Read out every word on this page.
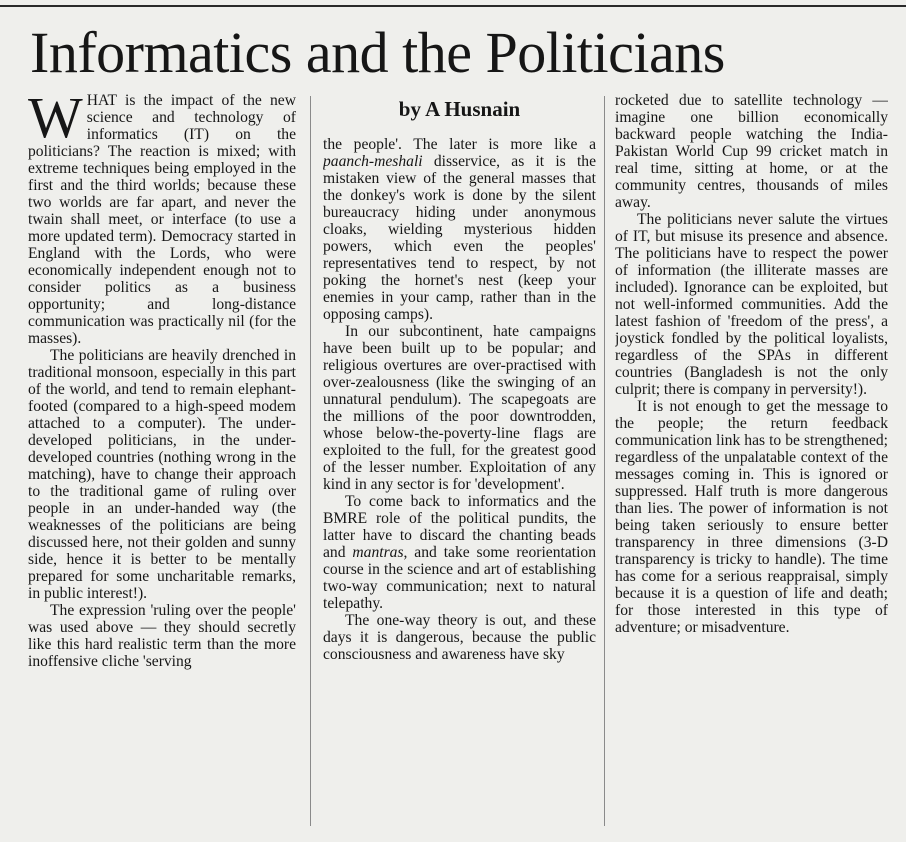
Informatics and the Politicians

WHAT is the impact of the new science and technology of informatics (IT) on the politicians? The reaction is mixed; with extreme techniques being employed in the first and the third worlds; because these two worlds are far apart, and never the twain shall meet, or interface (to use a more updated term). Democracy started in England with the Lords, who were economically independent enough not to consider politics as a business opportunity; and long-distance communication was practically nil (for the masses).

The politicians are heavily drenched in traditional monsoon, especially in this part of the world, and tend to remain elephant-footed (compared to a high-speed modem attached to a computer). The under-developed politicians, in the under-developed countries (nothing wrong in the matching), have to change their approach to the traditional game of ruling over people in an under-handed way (the weaknesses of the politicians are being discussed here, not their golden and sunny side, hence it is better to be mentally prepared for some uncharitable remarks, in public interest!).

The expression 'ruling over the people' was used above — they should secretly like this hard realistic term than the more inoffensive cliche 'serving

by A Husnain

the people'. The later is more like a paanch-meshali disservice, as it is the mistaken view of the general masses that the donkey's work is done by the silent bureaucracy hiding under anonymous cloaks, wielding mysterious hidden powers, which even the peoples' representatives tend to respect, by not poking the hornet's nest (keep your enemies in your camp, rather than in the opposing camps).

In our subcontinent, hate campaigns have been built up to be popular; and religious overtures are over-practised with over-zealousness (like the swinging of an unnatural pendulum). The scapegoats are the millions of the poor downtrodden, whose below-the-poverty-line flags are exploited to the full, for the greatest good of the lesser number. Exploitation of any kind in any sector is for 'development'.

To come back to informatics and the BMRE role of the political pundits, the latter have to discard the chanting beads and mantras, and take some reorientation course in the science and art of establishing two-way communication; next to natural telepathy.

The one-way theory is out, and these days it is dangerous, because the public consciousness and awareness have sky

rocketed due to satellite technology — imagine one billion economically backward people watching the India-Pakistan World Cup 99 cricket match in real time, sitting at home, or at the community centres, thousands of miles away.

The politicians never salute the virtues of IT, but misuse its presence and absence. The politicians have to respect the power of information (the illiterate masses are included). Ignorance can be exploited, but not well-informed communities. Add the latest fashion of 'freedom of the press', a joystick fondled by the political loyalists, regardless of the SPAs in different countries (Bangladesh is not the only culprit; there is company in perversity!).

It is not enough to get the message to the people; the return feedback communication link has to be strengthened; regardless of the unpalatable context of the messages coming in. This is ignored or suppressed. Half truth is more dangerous than lies. The power of information is not being taken seriously to ensure better transparency in three dimensions (3-D transparency is tricky to handle). The time has come for a serious reappraisal, simply because it is a question of life and death; for those interested in this type of adventure; or misadventure.
